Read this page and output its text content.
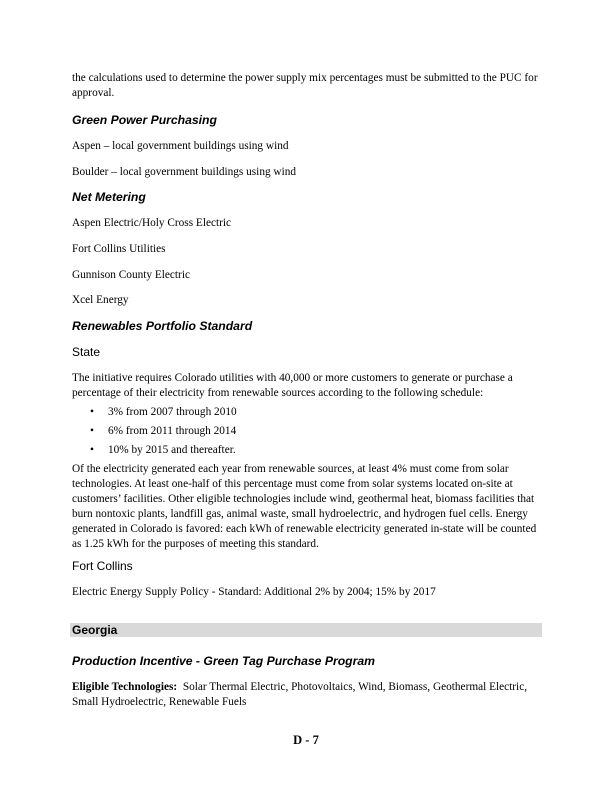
the calculations used to determine the power supply mix percentages must be submitted to the PUC for approval.
Green Power Purchasing
Aspen – local government buildings using wind
Boulder – local government buildings using wind
Net Metering
Aspen Electric/Holy Cross Electric
Fort Collins Utilities
Gunnison County Electric
Xcel Energy
Renewables Portfolio Standard
State
The initiative requires Colorado utilities with 40,000 or more customers to generate or purchase a percentage of their electricity from renewable sources according to the following schedule:
• 3% from 2007 through 2010
• 6% from 2011 through 2014
• 10% by 2015 and thereafter.
Of the electricity generated each year from renewable sources, at least 4% must come from solar technologies. At least one-half of this percentage must come from solar systems located on-site at customers’ facilities. Other eligible technologies include wind, geothermal heat, biomass facilities that burn nontoxic plants, landfill gas, animal waste, small hydroelectric, and hydrogen fuel cells. Energy generated in Colorado is favored: each kWh of renewable electricity generated in-state will be counted as 1.25 kWh for the purposes of meeting this standard.
Fort Collins
Electric Energy Supply Policy - Standard: Additional 2% by 2004; 15% by 2017
Georgia
Production Incentive - Green Tag Purchase Program
Eligible Technologies: Solar Thermal Electric, Photovoltaics, Wind, Biomass, Geothermal Electric, Small Hydroelectric, Renewable Fuels
D - 7
